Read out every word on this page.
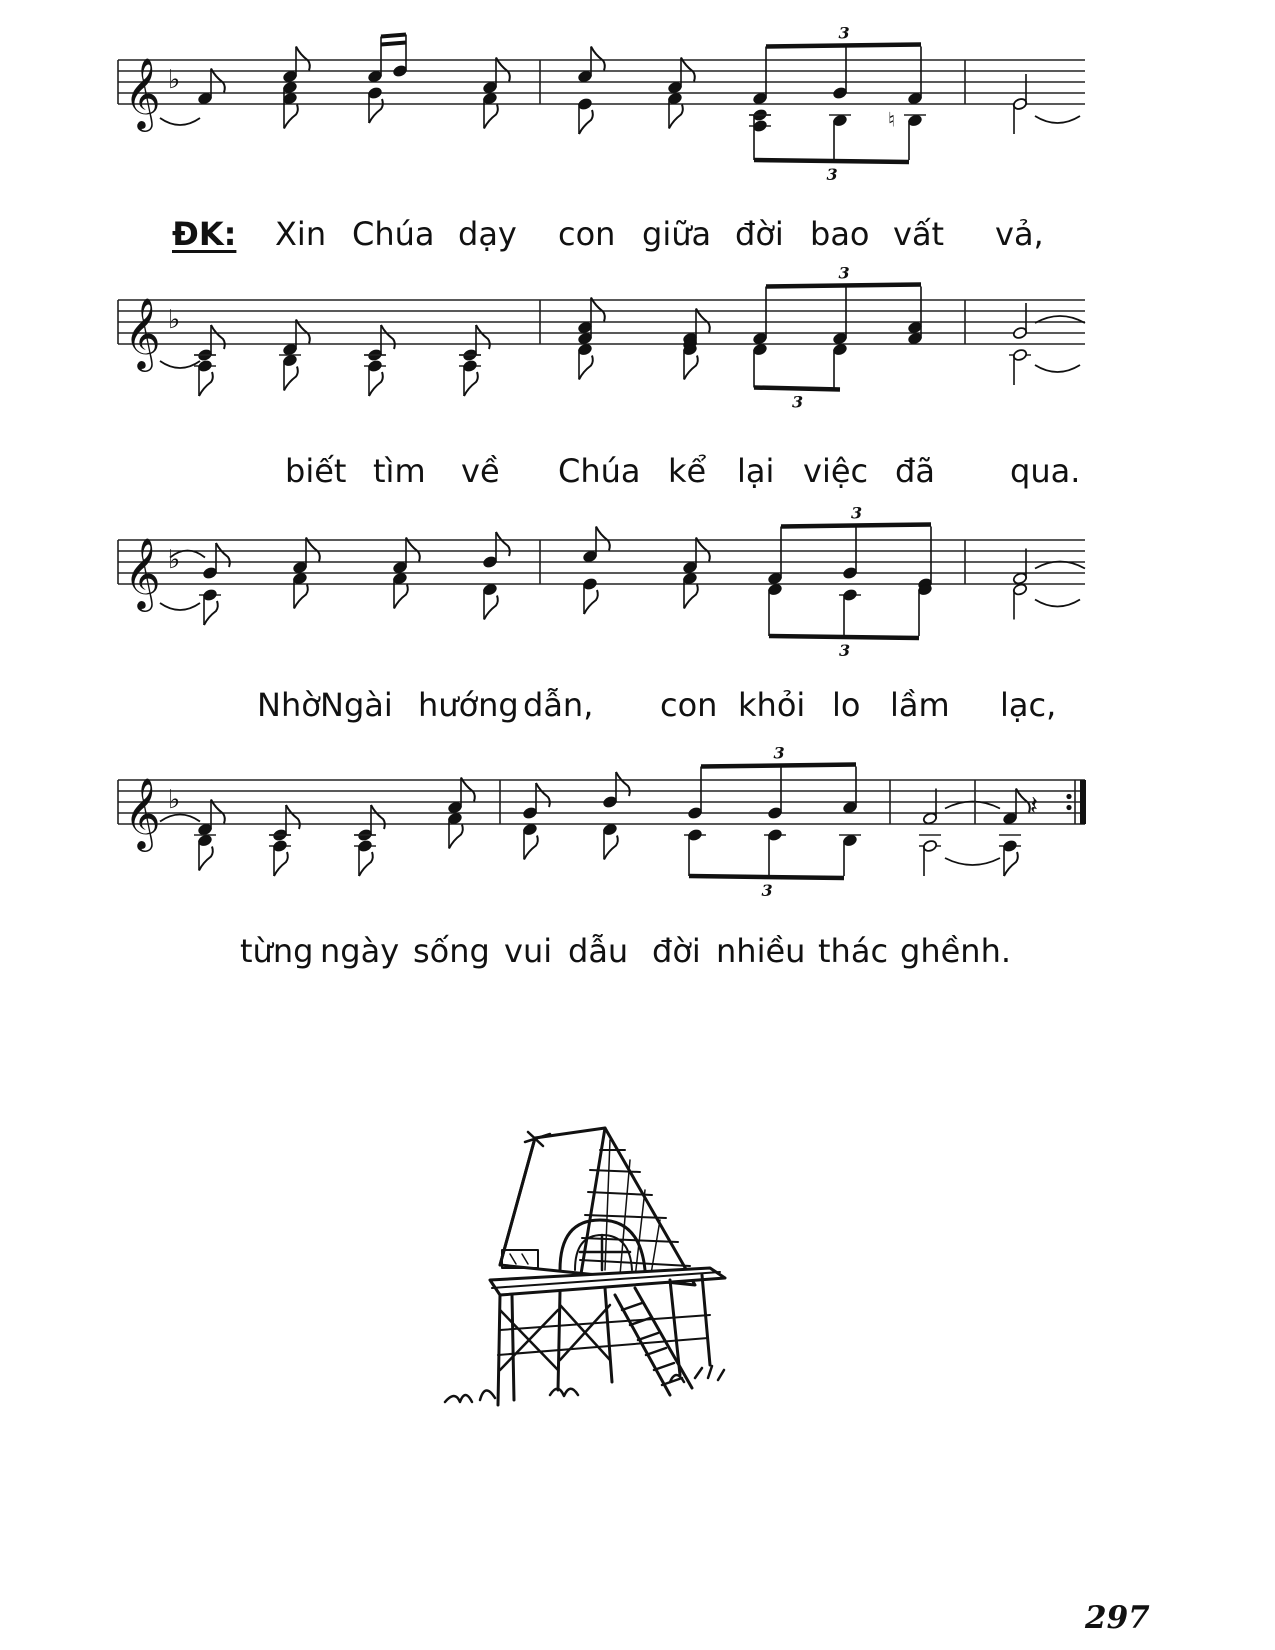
𝄞 ♭
♮
3
3
ĐK: Xin Chúa dạy con giữa đời bao vất vả,
𝄞 ♭
3
3
biết tìm về Chúa kể lại việc đã qua.
𝄞 ♭
3
3
Nhờ Ngài hướng dẫn, con khỏi lo lầm lạc,
𝄞 ♭
3
3
𝄽
từng ngày sống vui dẫu đời nhiều thác ghềnh.
297
